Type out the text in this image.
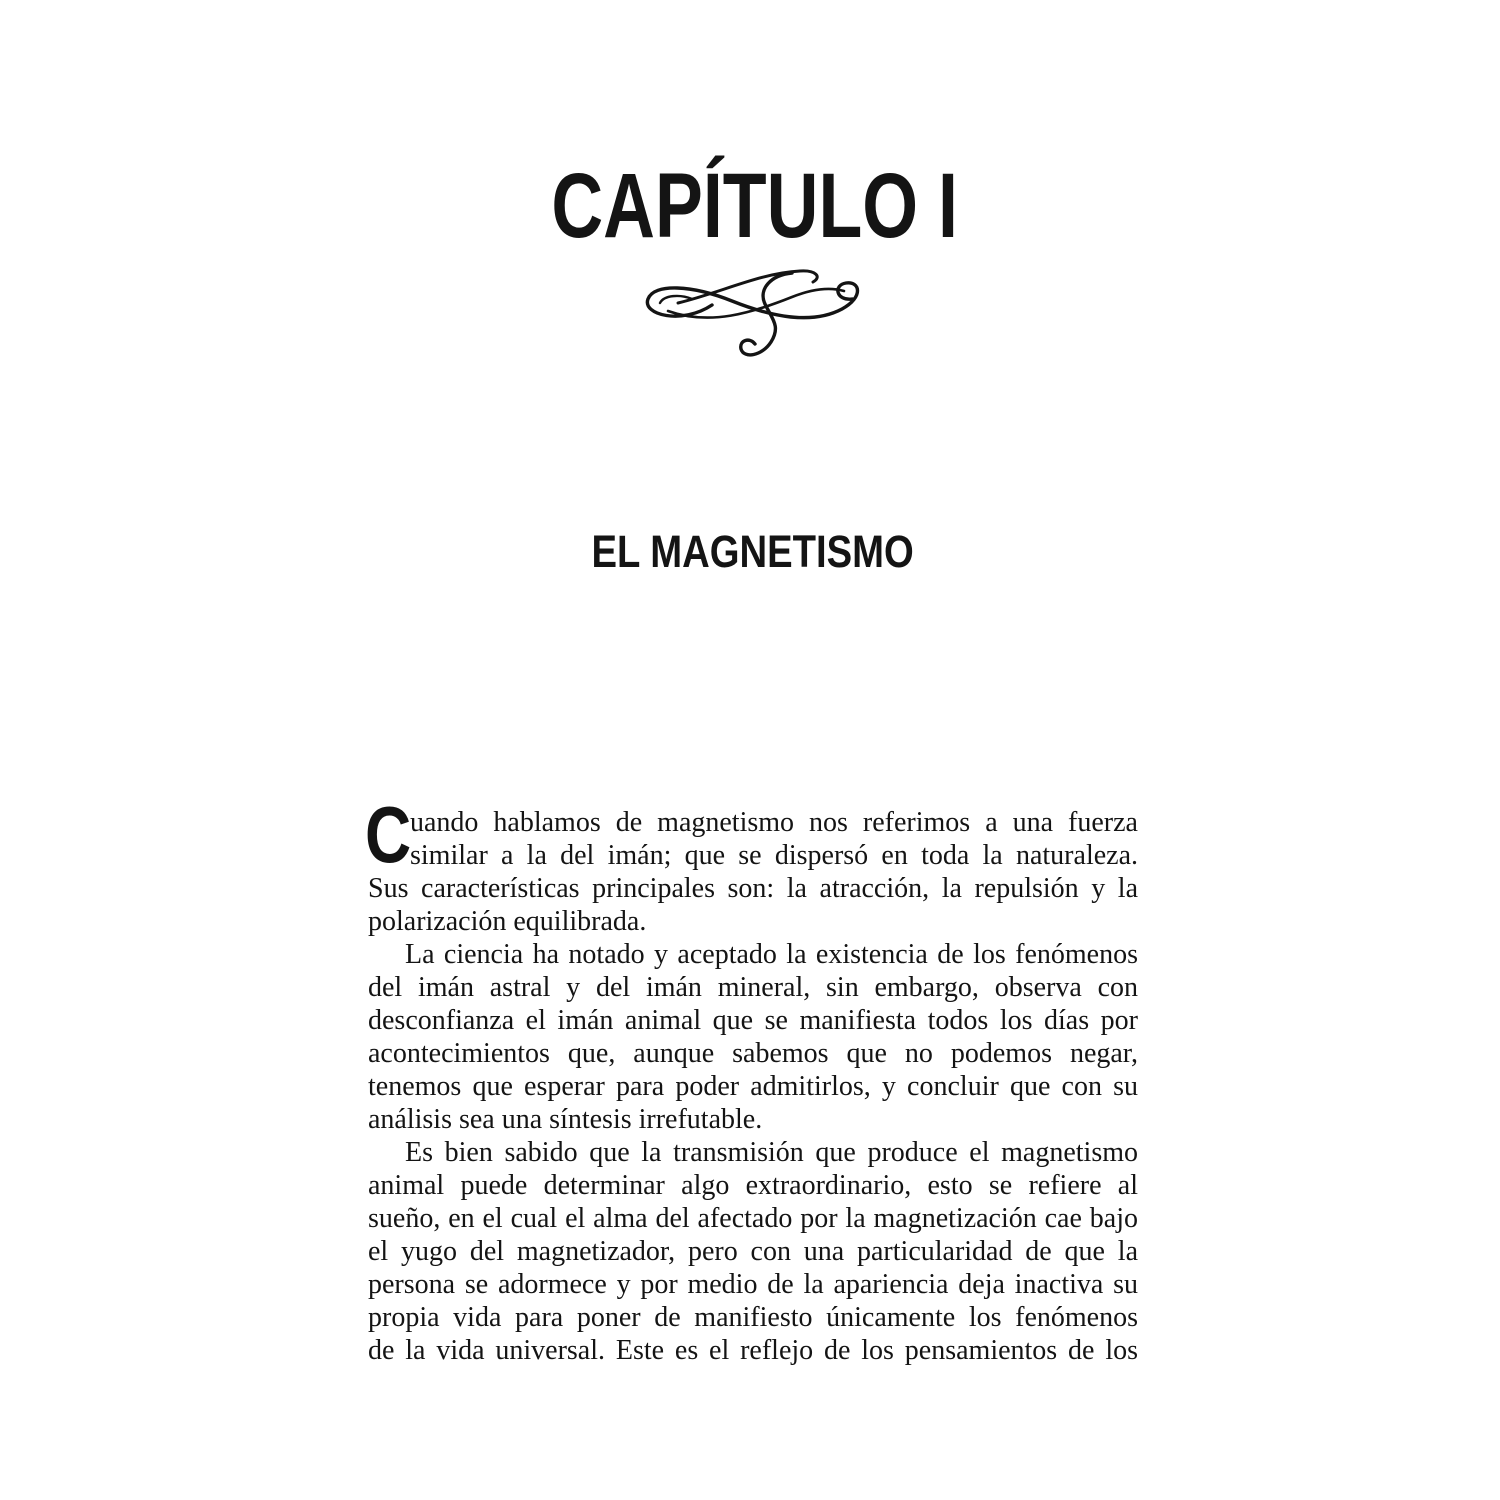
CAPÍTULO I
EL MAGNETISMO
C
uando hablamos de magnetismo nos referimos a una fuerza
similar a la del imán; que se dispersó en toda la naturaleza.
Sus características principales son: la atracción, la repulsión y la
polarización equilibrada.
La ciencia ha notado y aceptado la existencia de los fenómenos
del imán astral y del imán mineral, sin embargo, observa con
desconfianza el imán animal que se manifiesta todos los días por
acontecimientos que, aunque sabemos que no podemos negar,
tenemos que esperar para poder admitirlos, y concluir que con su
análisis sea una síntesis irrefutable.
Es bien sabido que la transmisión que produce el magnetismo
animal puede determinar algo extraordinario, esto se refiere al
sueño, en el cual el alma del afectado por la magnetización cae bajo
el yugo del magnetizador, pero con una particularidad de que la
persona se adormece y por medio de la apariencia deja inactiva su
propia vida para poner de manifiesto únicamente los fenómenos
de la vida universal. Este es el reflejo de los pensamientos de los
